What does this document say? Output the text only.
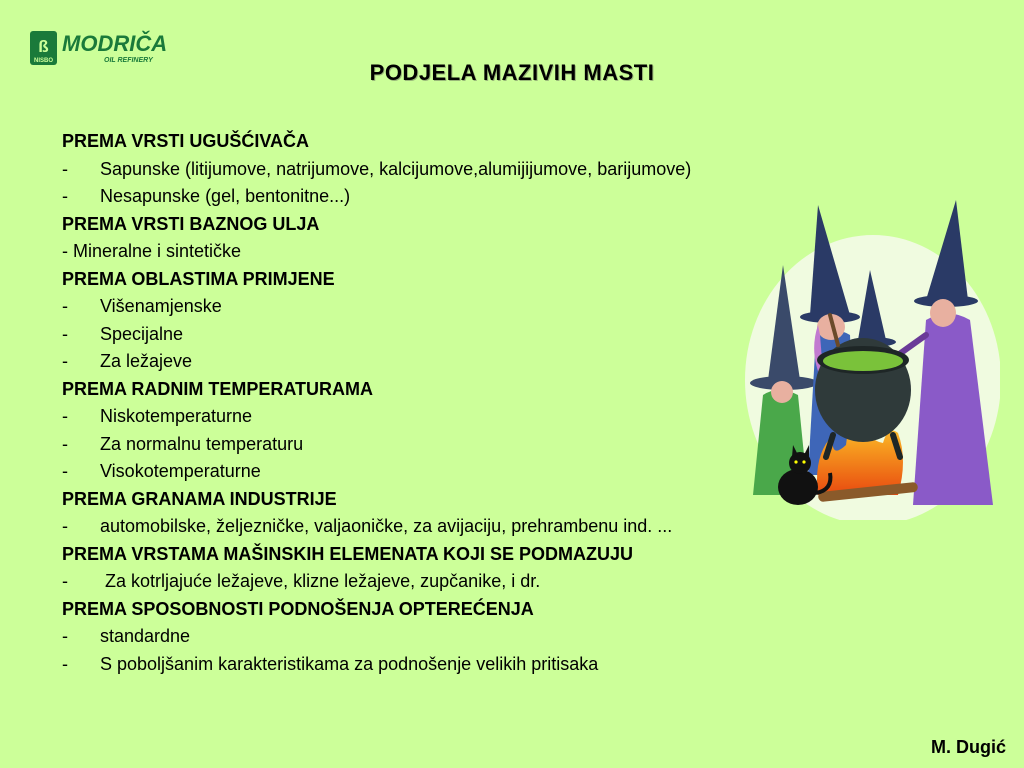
ß
NISBO
MODRIČA
OIL REFINERY	PODJELA MAZIVIH MASTI
PREMA VRSTI UGUŠĆIVAČA
- Sapunske (litijumove, natrijumove, kalcijumove,alumijijumove, barijumove)
- Nesapunske (gel, bentonitne...)
PREMA VRSTI BAZNOG ULJA
- Mineralne i sintetičke
PREMA OBLASTIMA PRIMJENE
- Višenamjenske
- Specijalne
- Za ležajeve
PREMA RADNIM TEMPERATURAMA
- Niskotemperaturne
- Za normalnu temperaturu
- Visokotemperaturne
PREMA GRANAMA INDUSTRIJE
- automobilske, željezničke, valjaoničke, za avijaciju, prehrambenu ind. ...
PREMA VRSTAMA MAŠINSKIH ELEMENATA KOJI SE PODMAZUJU
- Za kotrljajuće ležajeve, klizne ležajeve, zupčanike, i dr.
PREMA SPOSOBNOSTI PODNOŠENJA OPTEREĆENJA
- standardne
- S poboljšanim karakteristikama za podnošenje velikih pritisaka
M. Dugić
